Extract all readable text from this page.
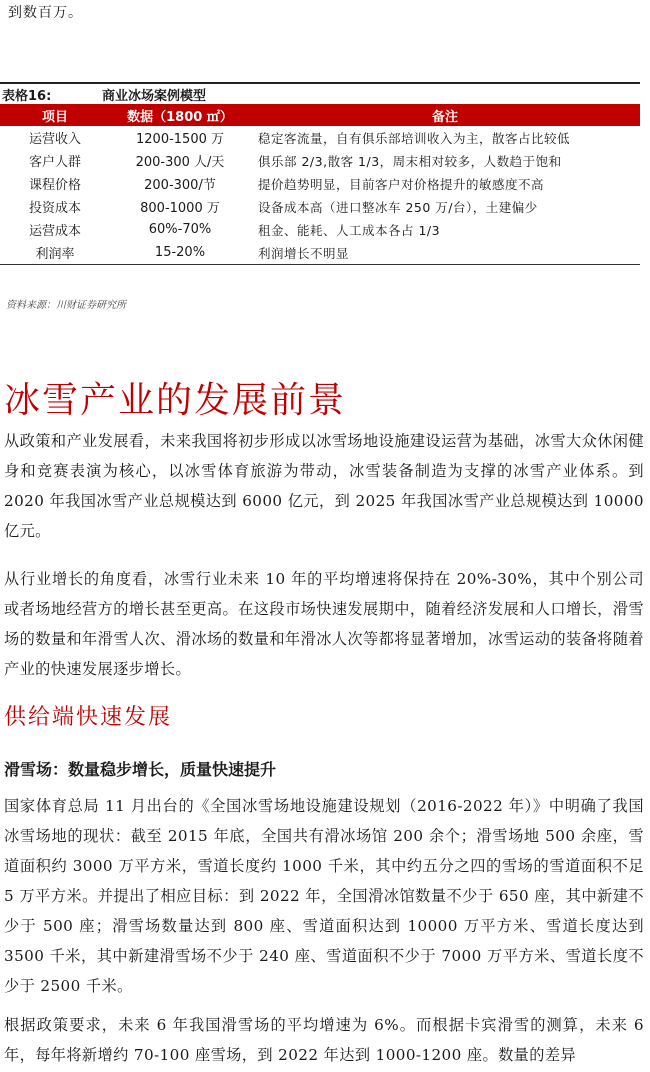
到数百万。
表格16:	商业冰场案例模型
项目	数据（1800 ㎡）	备注
运营收入	1200-1500 万	稳定客流量，自有俱乐部培训收入为主，散客占比较低
客户人群	200-300 人/天	俱乐部 2/3,散客 1/3，周末相对较多，人数趋于饱和
课程价格	200-300/节	提价趋势明显，目前客户对价格提升的敏感度不高
投资成本	800-1000 万	设备成本高（进口整冰车 250 万/台），土建偏少
运营成本	60%-70%	租金、能耗、人工成本各占 1/3
利润率	15-20%	利润增长不明显
资料来源：川财证券研究所
冰雪产业的发展前景
从政策和产业发展看，未来我国将初步形成以冰雪场地设施建设运营为基础，冰雪大众休闲健身和竞赛表演为核心，以冰雪体育旅游为带动，冰雪装备制造为支撑的冰雪产业体系。到 2020 年我国冰雪产业总规模达到 6000 亿元，到 2025 年我国冰雪产业总规模达到 10000 亿元。
从行业增长的角度看，冰雪行业未来 10 年的平均增速将保持在 20%-30%，其中个别公司或者场地经营方的增长甚至更高。在这段市场快速发展期中，随着经济发展和人口增长，滑雪场的数量和年滑雪人次、滑冰场的数量和年滑冰人次等都将显著增加，冰雪运动的装备将随着产业的快速发展逐步增长。
供给端快速发展
滑雪场：数量稳步增长，质量快速提升
国家体育总局 11 月出台的《全国冰雪场地设施建设规划（2016-2022 年）》中明确了我国冰雪场地的现状：截至 2015 年底，全国共有滑冰场馆 200 余个；滑雪场地 500 余座，雪道面积约 3000 万平方米，雪道长度约 1000 千米，其中约五分之四的雪场的雪道面积不足 5 万平方米。并提出了相应目标：到 2022 年，全国滑冰馆数量不少于 650 座，其中新建不少于 500 座；滑雪场数量达到 800 座、雪道面积达到 10000 万平方米、雪道长度达到 3500 千米，其中新建滑雪场不少于 240 座、雪道面积不少于 7000 万平方米、雪道长度不少于 2500 千米。
根据政策要求，未来 6 年我国滑雪场的平均增速为 6%。而根据卡宾滑雪的测算，未来 6 年，每年将新增约 70-100 座雪场，到 2022 年达到 1000-1200 座。数量的差异
